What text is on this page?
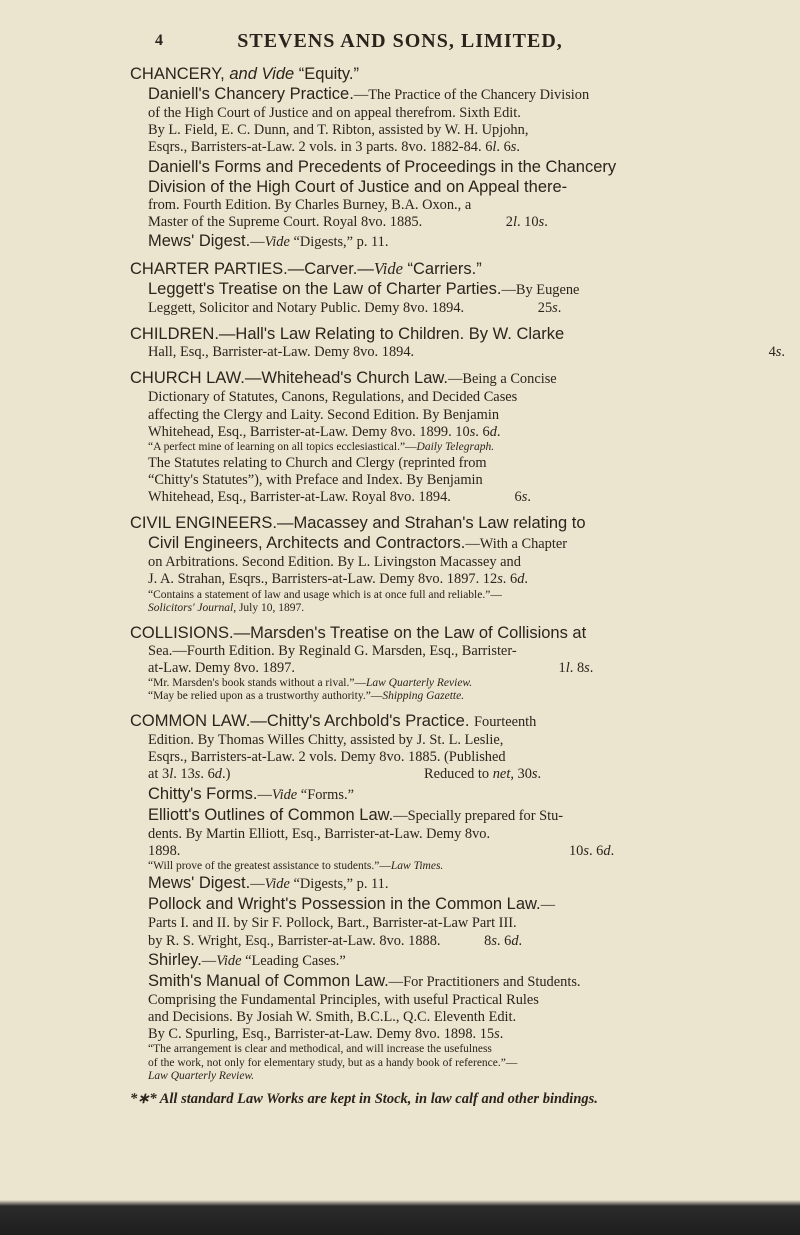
4	STEVENS AND SONS, LIMITED,
CHANCERY, and Vide “Equity.”
Daniell's Chancery Practice.—The Practice of the Chancery Division
of the High Court of Justice and on appeal therefrom. Sixth Edit.
By L. Field, E. C. Dunn, and T. Ribton, assisted by W. H. Upjohn,
Esqrs., Barristers-at-Law. 2 vols. in 3 parts. 8vo. 1882-84. 6l. 6s.
Daniell's Forms and Precedents of Proceedings in the Chancery
Division of the High Court of Justice and on Appeal there-
from. Fourth Edition. By Charles Burney, B.A. Oxon., a
Master of the Supreme Court. Royal 8vo. 1885.	2l. 10s.
Mews' Digest.—Vide “Digests,” p. 11.
CHARTER PARTIES.—Carver.—Vide “Carriers.”
Leggett's Treatise on the Law of Charter Parties.—By Eugene
Leggett, Solicitor and Notary Public. Demy 8vo. 1894.	25s.
CHILDREN.—Hall's Law Relating to Children. By W. Clarke
Hall, Esq., Barrister-at-Law. Demy 8vo. 1894.	4s.
CHURCH LAW.—Whitehead's Church Law.—Being a Concise
Dictionary of Statutes, Canons, Regulations, and Decided Cases
affecting the Clergy and Laity. Second Edition. By Benjamin
Whitehead, Esq., Barrister-at-Law. Demy 8vo. 1899. 10s. 6d.
“A perfect mine of learning on all topics ecclesiastical.”—Daily Telegraph.
The Statutes relating to Church and Clergy (reprinted from
“Chitty's Statutes”), with Preface and Index. By Benjamin
Whitehead, Esq., Barrister-at-Law. Royal 8vo. 1894.	6s.
CIVIL ENGINEERS.—Macassey and Strahan's Law relating to
Civil Engineers, Architects and Contractors.—With a Chapter
on Arbitrations. Second Edition. By L. Livingston Macassey and
J. A. Strahan, Esqrs., Barristers-at-Law. Demy 8vo. 1897. 12s. 6d.
“Contains a statement of law and usage which is at once full and reliable.”—
Solicitors' Journal, July 10, 1897.
COLLISIONS.—Marsden's Treatise on the Law of Collisions at
Sea.—Fourth Edition. By Reginald G. Marsden, Esq., Barrister-
at-Law. Demy 8vo. 1897.	1l. 8s.
“Mr. Marsden's book stands without a rival.”—Law Quarterly Review.
“May be relied upon as a trustworthy authority.”—Shipping Gazette.
COMMON LAW.—Chitty's Archbold's Practice. Fourteenth
Edition. By Thomas Willes Chitty, assisted by J. St. L. Leslie,
Esqrs., Barristers-at-Law. 2 vols. Demy 8vo. 1885. (Published
at 3l. 13s. 6d.)	Reduced to net, 30s.
Chitty's Forms.—Vide “Forms.”
Elliott's Outlines of Common Law.—Specially prepared for Stu-
dents. By Martin Elliott, Esq., Barrister-at-Law. Demy 8vo.
1898.	10s. 6d.
“Will prove of the greatest assistance to students.”—Law Times.
Mews' Digest.—Vide “Digests,” p. 11.
Pollock and Wright's Possession in the Common Law.—
Parts I. and II. by Sir F. Pollock, Bart., Barrister-at-Law Part III.
by R. S. Wright, Esq., Barrister-at-Law. 8vo. 1888.	8s. 6d.
Shirley.—Vide “Leading Cases.”
Smith's Manual of Common Law.—For Practitioners and Students.
Comprising the Fundamental Principles, with useful Practical Rules
and Decisions. By Josiah W. Smith, B.C.L., Q.C. Eleventh Edit.
By C. Spurling, Esq., Barrister-at-Law. Demy 8vo. 1898. 15s.
“The arrangement is clear and methodical, and will increase the usefulness
of the work, not only for elementary study, but as a handy book of reference.”—
Law Quarterly Review.
*∗* All standard Law Works are kept in Stock, in law calf and other bindings.
